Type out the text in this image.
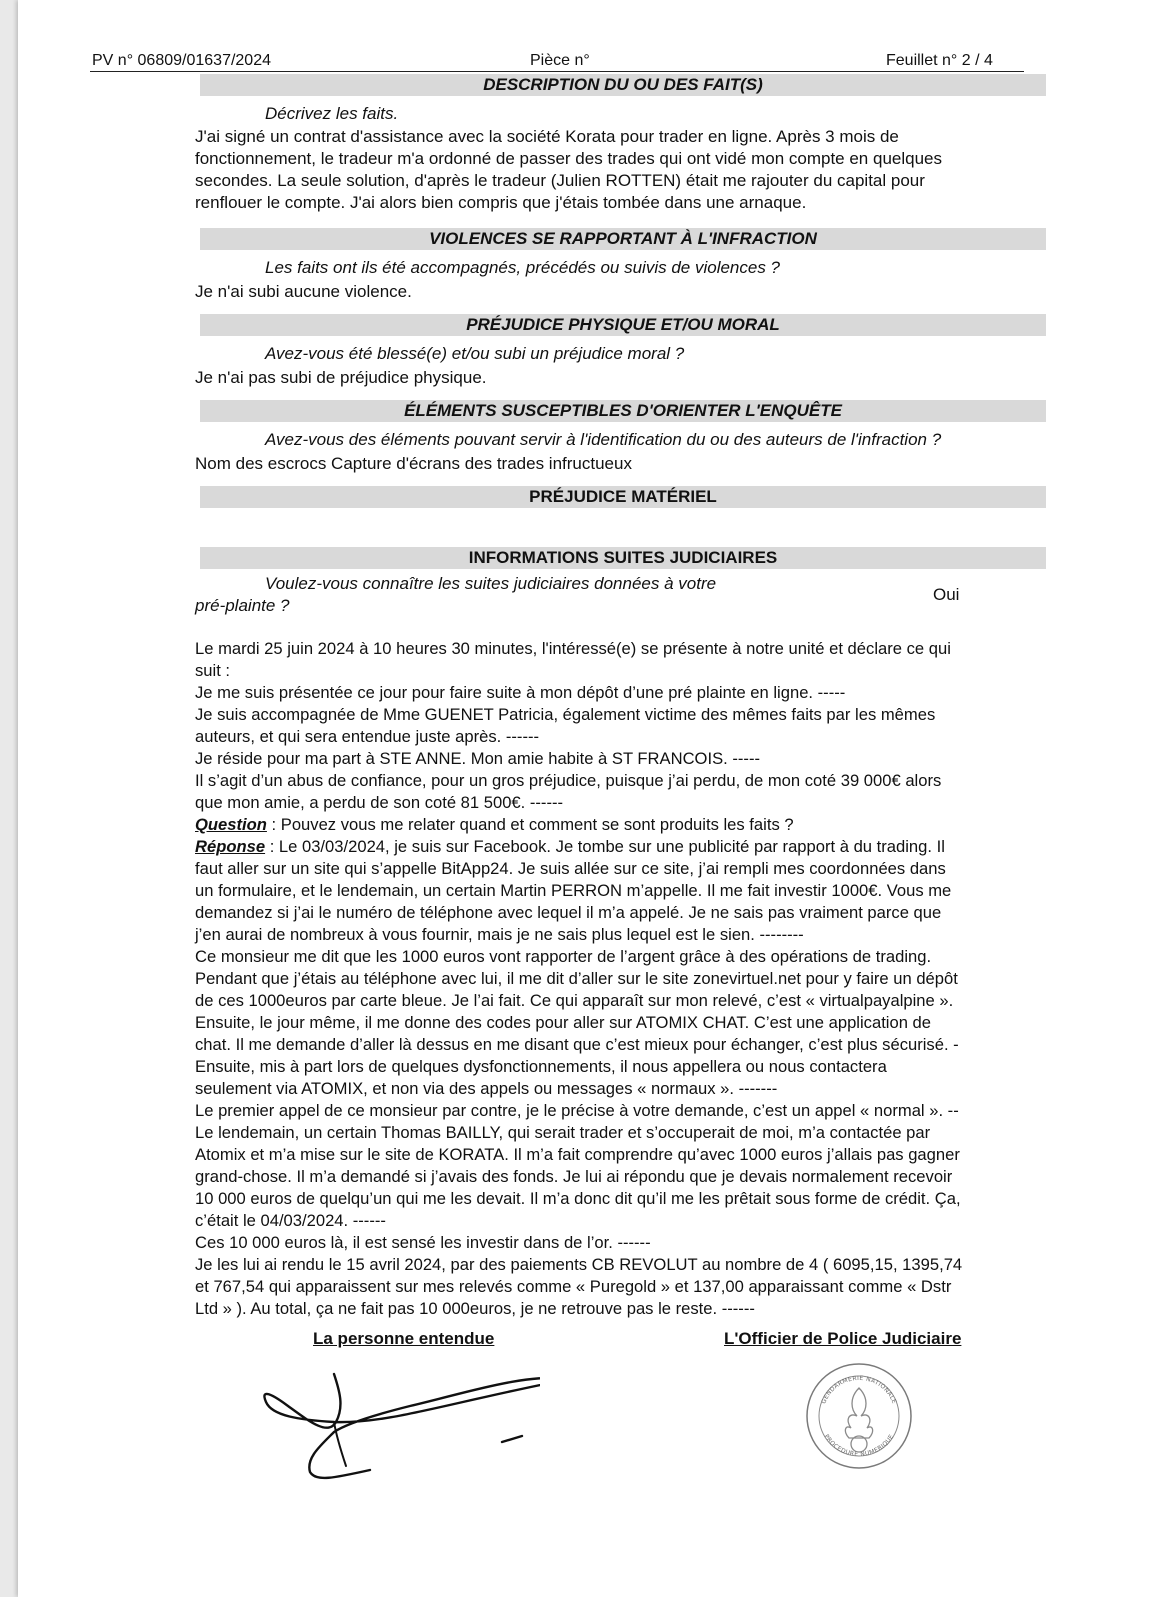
PV n° 06809/01637/2024	Pièce n°	Feuillet n° 2 / 4
DESCRIPTION DU OU DES FAIT(S)
Décrivez les faits.
J'ai signé un contrat d'assistance avec la société Korata pour trader en ligne. Après 3 mois de
fonctionnement, le tradeur m'a ordonné de passer des trades qui ont vidé mon compte en quelques
secondes. La seule solution, d'après le tradeur (Julien ROTTEN) était me rajouter du capital pour
renflouer le compte. J'ai alors bien compris que j'étais tombée dans une arnaque.
VIOLENCES SE RAPPORTANT À L'INFRACTION
Les faits ont ils été accompagnés, précédés ou suivis de violences ?
Je n'ai subi aucune violence.
PRÉJUDICE PHYSIQUE ET/OU MORAL
Avez-vous été blessé(e) et/ou subi un préjudice moral ?
Je n'ai pas subi de préjudice physique.
ÉLÉMENTS SUSCEPTIBLES D'ORIENTER L'ENQUÊTE
Avez-vous des éléments pouvant servir à l'identification du ou des auteurs de l'infraction ?
Nom des escrocs Capture d'écrans des trades infructueux
PRÉJUDICE MATÉRIEL
INFORMATIONS SUITES JUDICIAIRES
Voulez-vous connaître les suites judiciaires données à votre
pré-plainte ?
Oui

Le mardi 25 juin 2024 à 10 heures 30 minutes, l'intéressé(e) se présente à notre unité et déclare ce qui

suit :

Je me suis présentée ce jour pour faire suite à mon dépôt d’une pré plainte en ligne. -----

Je suis accompagnée de Mme GUENET Patricia, également victime des mêmes faits par les mêmes

auteurs, et qui sera entendue juste après. ------

Je réside pour ma part à STE ANNE. Mon amie habite à ST FRANCOIS. -----

Il s’agit d’un abus de confiance, pour un gros préjudice, puisque j’ai perdu, de mon coté 39 000€ alors

que mon amie, a perdu de son coté 81 500€. ------

Question : Pouvez vous me relater quand et comment se sont produits les faits ?

Réponse : Le 03/03/2024, je suis sur Facebook. Je tombe sur une publicité par rapport à du trading. Il

faut aller sur un site qui s’appelle BitApp24. Je suis allée sur ce site, j’ai rempli mes coordonnées dans

un formulaire, et le lendemain, un certain Martin PERRON m’appelle. Il me fait investir 1000€. Vous me

demandez si j’ai le numéro de téléphone avec lequel il m’a appelé. Je ne sais pas vraiment parce que

j’en aurai de nombreux à vous fournir, mais je ne sais plus lequel est le sien. --------

Ce monsieur me dit que les 1000 euros vont rapporter de l’argent grâce à des opérations de trading.

Pendant que j’étais au téléphone avec lui, il me dit d’aller sur le site zonevirtuel.net pour y faire un dépôt

de ces 1000euros par carte bleue. Je l’ai fait. Ce qui apparaît sur mon relevé, c’est « virtualpayalpine ».

Ensuite, le jour même, il me donne des codes pour aller sur ATOMIX CHAT. C’est une application de

chat. Il me demande d’aller là dessus en me disant que c’est mieux pour échanger, c’est plus sécurisé. -

Ensuite, mis à part lors de quelques dysfonctionnements, il nous appellera ou nous contactera

seulement via ATOMIX, et non via des appels ou messages « normaux ». -------

Le premier appel de ce monsieur par contre, je le précise à votre demande, c’est un appel « normal ». --

Le lendemain, un certain Thomas BAILLY, qui serait trader et s’occuperait de moi, m’a contactée par

Atomix et m’a mise sur le site de KORATA. Il m’a fait comprendre qu’avec 1000 euros j’allais pas gagner

grand-chose. Il m’a demandé si j’avais des fonds. Je lui ai répondu que je devais normalement recevoir

10 000 euros de quelqu’un qui me les devait. Il m’a donc dit qu’il me les prêtait sous forme de crédit. Ça,

c’était le 04/03/2024. ------

Ces 10 000 euros là, il est sensé les investir dans de l’or. ------

Je les lui ai rendu le 15 avril 2024, par des paiements CB REVOLUT au nombre de 4 ( 6095,15, 1395,74

et 767,54 qui apparaissent sur mes relevés comme « Puregold » et 137,00 apparaissant comme « Dstr

Ltd » ). Au total, ça ne fait pas 10 000euros, je ne retrouve pas le reste. ------

La personne entendue	L'Officier de Police Judiciaire
GENDARMERIE NATIONALE
PROCEDURE NUMERIQUE
